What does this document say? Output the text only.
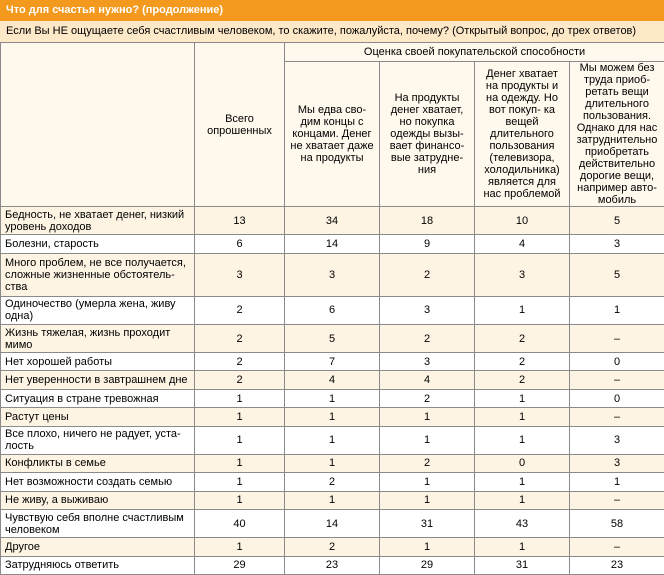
Что для счастья нужно? (продолжение)
Если Вы НЕ ощущаете себя счастливым человеком, то скажите, пожалуйста, почему? (Открытый вопрос, до трех ответов)
	Всего опрошенных	Оценка своей покупательской способности			
		Мы едва сво- дим концы с концами. Денег не хватает даже на продукты	На продукты денег хватает, но покупка одежды вызы- вает финансо- вые затрудне- ния	Денег хватает на продукты и на одежду. Но вот покуп- ка вещей длительного пользования (телевизора, холодильника) является для нас проблемой	Мы можем без труда приоб- ретать вещи длительного пользования. Однако для нас затруднительно приобретать действительно дорогие вещи, например авто- мобиль
Бедность, не хватает денег, низкий уровень доходов	13	34	18	10	5
Болезни, старость	6	14	9	4	3
Много проблем, не все получается, сложные жизненные обстоятель- ства	3	3	2	3	5
Одиночество (умерла жена, живу одна)	2	6	3	1	1
Жизнь тяжелая, жизнь проходит мимо	2	5	2	2	–
Нет хорошей работы	2	7	3	2	0
Нет уверенности в завтрашнем дне	2	4	4	2	–
Ситуация в стране тревожная	1	1	2	1	0
Растут цены	1	1	1	1	–
Все плохо, ничего не радует, уста- лость	1	1	1	1	3
Конфликты в семье	1	1	2	0	3
Нет возможности создать семью	1	2	1	1	1
Не живу, а выживаю	1	1	1	1	–
Чувствую себя вполне счастливым человеком	40	14	31	43	58
Другое	1	2	1	1	–
Затрудняюсь ответить	29	23	29	31	23
